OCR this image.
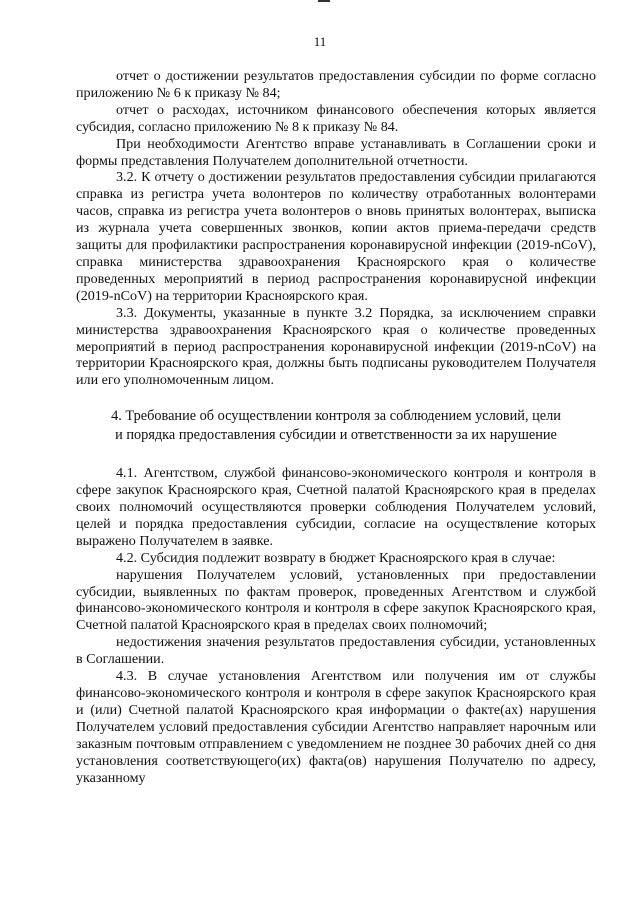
11

отчет о достижении результатов предоставления субсидии по форме согласно приложению № 6 к приказу № 84;

отчет о расходах, источником финансового обеспечения которых является субсидия, согласно приложению № 8 к приказу № 84.

При необходимости Агентство вправе устанавливать в Соглашении сроки и формы представления Получателем дополнительной отчетности.

3.2. К отчету о достижении результатов предоставления субсидии прилагаются справка из регистра учета волонтеров по количеству отработанных волонтерами часов, справка из регистра учета волонтеров о вновь принятых волонтерах, выписка из журнала учета совершенных звонков, копии актов приема-передачи средств защиты для профилактики распространения коронавирусной инфекции (2019-nCoV), справка министерства здравоохранения Красноярского края о количестве проведенных мероприятий в период распространения коронавирусной инфекции (2019-nCoV) на территории Красноярского края.

3.3. Документы, указанные в пункте 3.2 Порядка, за исключением справки министерства здравоохранения Красноярского края о количестве проведенных мероприятий в период распространения коронавирусной инфекции (2019-nCoV) на территории Красноярского края, должны быть подписаны руководителем Получателя или его уполномоченным лицом.

4. Требование об осуществлении контроля за соблюдением условий, цели
и порядка предоставления субсидии и ответственности за их нарушение

4.1. Агентством, службой финансово-экономического контроля и контроля в сфере закупок Красноярского края, Счетной палатой Красноярского края в пределах своих полномочий осуществляются проверки соблюдения Получателем условий, целей и порядка предоставления субсидии, согласие на осуществление которых выражено Получателем в заявке.

4.2. Субсидия подлежит возврату в бюджет Красноярского края в случае:

нарушения Получателем условий, установленных при предоставлении субсидии, выявленных по фактам проверок, проведенных Агентством и службой финансово-экономического контроля и контроля в сфере закупок Красноярского края, Счетной палатой Красноярского края в пределах своих полномочий;

недостижения значения результатов предоставления субсидии, установленных в Соглашении.

4.3. В случае установления Агентством или получения им от службы финансово-экономического контроля и контроля в сфере закупок Красноярского края и (или) Счетной палатой Красноярского края информации о факте(ах) нарушения Получателем условий предоставления субсидии Агентство направляет нарочным или заказным почтовым отправлением с уведомлением не позднее 30 рабочих дней со дня установления соответствующего(их) факта(ов) нарушения Получателю по адресу, указанному
